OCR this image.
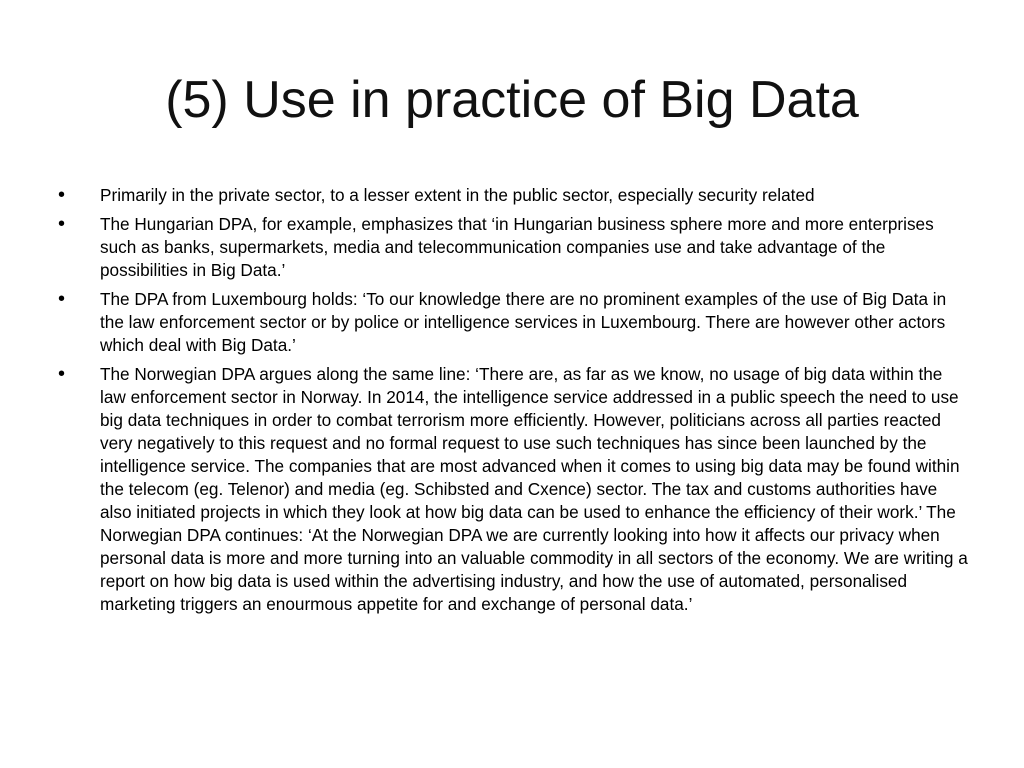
(5) Use in practice of Big Data
• Primarily in the private sector, to a lesser extent in the public sector, especially security related
• The Hungarian DPA, for example, emphasizes that ‘in Hungarian business sphere more and more enterprises such as banks, supermarkets, media and telecommunication companies use and take advantage of the possibilities in Big Data.’
• The DPA from Luxembourg holds: ‘To our knowledge there are no prominent examples of the use of Big Data in the law enforcement sector or by police or intelligence services in Luxembourg. There are however other actors which deal with Big Data.’
• The Norwegian DPA argues along the same line: ‘There are, as far as we know, no usage of big data within the law enforcement sector in Norway. In 2014, the intelligence service addressed in a public speech the need to use big data techniques in order to combat terrorism more efficiently. However, politicians across all parties reacted very negatively to this request and no formal request to use such techniques has since been launched by the intelligence service. The companies that are most advanced when it comes to using big data may be found within the telecom (eg. Telenor) and media (eg. Schibsted and Cxence) sector. The tax and customs authorities have also initiated projects in which they look at how big data can be used to enhance the efficiency of their work.’ The Norwegian DPA continues: ‘At the Norwegian DPA we are currently looking into how it affects our privacy when personal data is more and more turning into an valuable commodity in all sectors of the economy. We are writing a report on how big data is used within the advertising industry, and how the use of automated, personalised marketing triggers an enourmous appetite for and exchange of personal data.’
